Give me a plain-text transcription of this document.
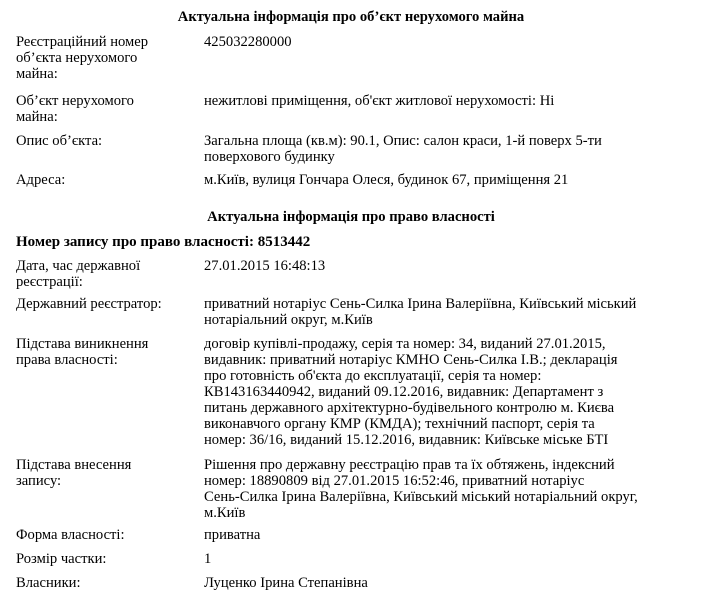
Актуальна інформація про об’єкт нерухомого майна
Реєстраційний номер
об’єкта нерухомого
майна:
425032280000
Об’єкт нерухомого
майна:
нежитлові приміщення, об'єкт житлової нерухомості: Ні
Опис об’єкта:	Загальна площа (кв.м): 90.1, Опис: салон краси, 1-й поверх 5-ти
поверхового будинку
Адреса:	м.Київ, вулиця Гончара Олеся, будинок 67, приміщення 21
Актуальна інформація про право власності
Номер запису про право власності: 8513442
Дата, час державної
реєстрації:
27.01.2015 16:48:13
Державний реєстратор:	приватний нотаріус Сень-Силка Ірина Валеріївна, Київський міський
нотаріальний округ, м.Київ
Підстава виникнення
права власності:
договір купівлі-продажу, серія та номер: 34, виданий 27.01.2015,
видавник: приватний нотаріус КМНО Сень-Силка І.В.; декларація
про готовність об'єкта до експлуатації, серія та номер:
КВ143163440942, виданий 09.12.2016, видавник: Департамент з
питань державного архітектурно-будівельного контролю м. Києва
виконавчого органу КМР (КМДА); технічний паспорт, серія та
номер: 36/16, виданий 15.12.2016, видавник: Київське міське БТІ
Підстава внесення
запису:
Рішення про державну реєстрацію прав та їх обтяжень, індексний
номер: 18890809 від 27.01.2015 16:52:46, приватний нотаріус
Сень-Силка Ірина Валеріївна, Київський міський нотаріальний округ,
м.Київ
Форма власності:	приватна
Розмір частки:	1
Власники:	Луценко Ірина Степанівна
